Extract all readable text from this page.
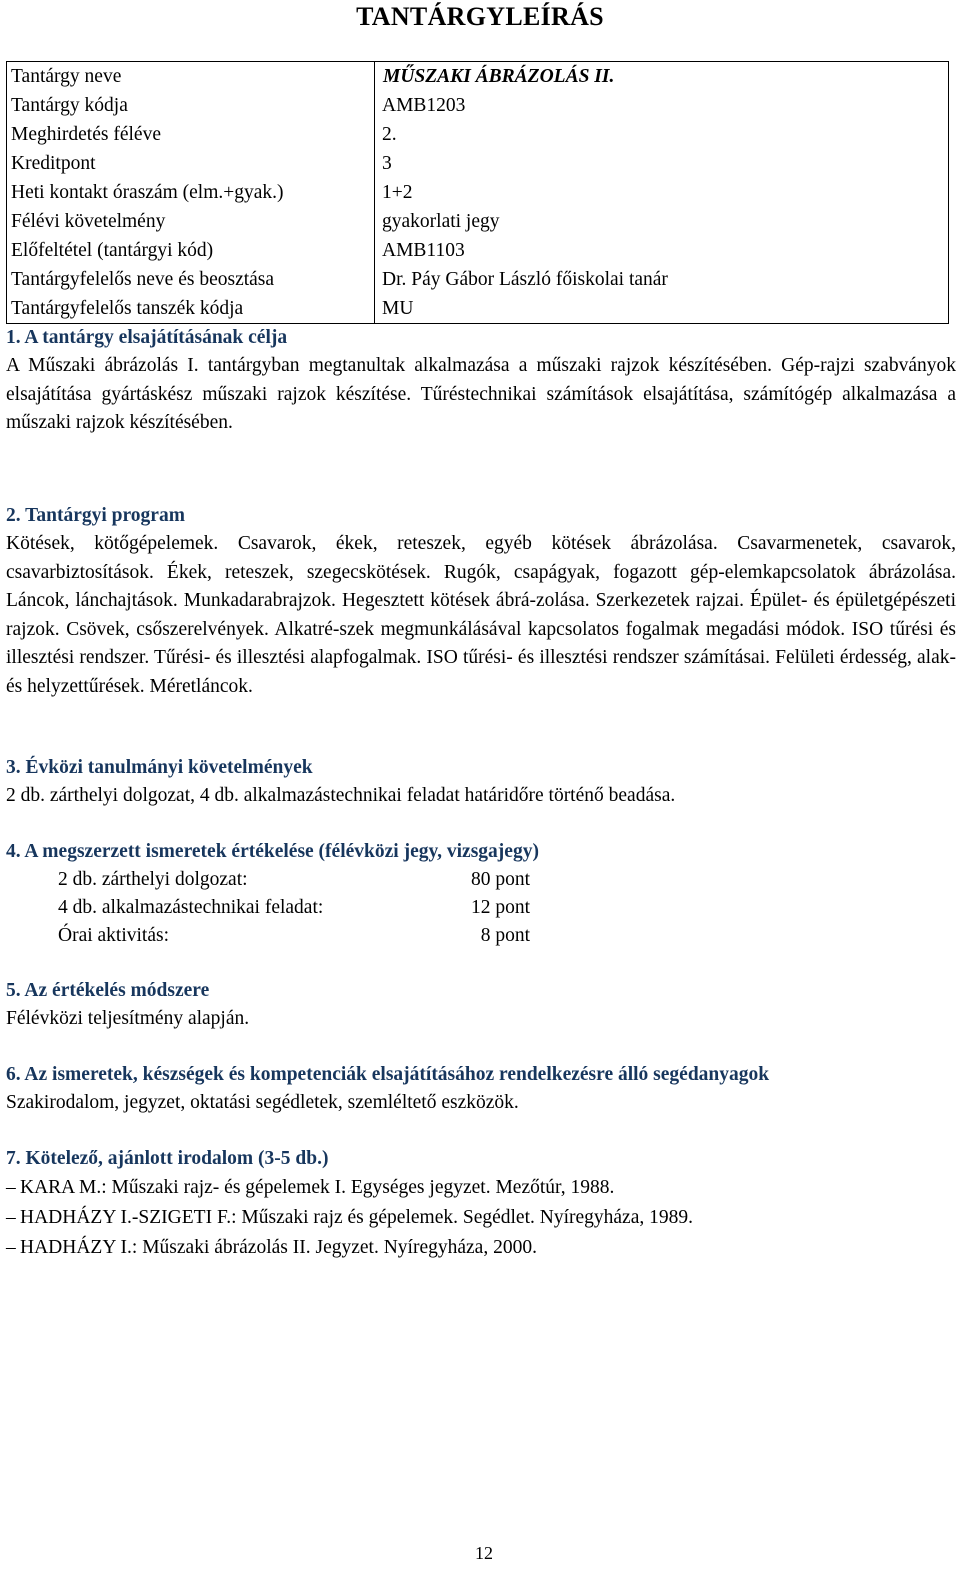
TANTÁRGYLEÍRÁS
Tantárgy neve	MŰSZAKI ÁBRÁZOLÁS II.
Tantárgy kódja	AMB1203
Meghirdetés féléve	2.
Kreditpont	3
Heti kontakt óraszám (elm.+gyak.)	1+2
Félévi követelmény	gyakorlati jegy
Előfeltétel (tantárgyi kód)	AMB1103
Tantárgyfelelős neve és beosztása	Dr. Páy Gábor László főiskolai tanár
Tantárgyfelelős tanszék kódja	MU
1. A tantárgy elsajátításának célja
A Műszaki ábrázolás I. tantárgyban megtanultak alkalmazása a műszaki rajzok készítésében. Gép-rajzi szabványok elsajátítása gyártáskész műszaki rajzok készítése. Tűréstechnikai számítások elsajátítása, számítógép alkalmazása a műszaki rajzok készítésében.
2. Tantárgyi program
Kötések, kötőgépelemek. Csavarok, ékek, reteszek, egyéb kötések ábrázolása. Csavarmenetek, csavarok, csavarbiztosítások. Ékek, reteszek, szegecskötések. Rugók, csapágyak, fogazott gép-elemkapcsolatok ábrázolása. Láncok, lánchajtások. Munkadarabrajzok. Hegesztett kötések ábrá-zolása. Szerkezetek rajzai. Épület- és épületgépészeti rajzok. Csövek, csőszerelvények. Alkatré-szek megmunkálásával kapcsolatos fogalmak megadási módok. ISO tűrési és illesztési rendszer. Tűrési- és illesztési alapfogalmak. ISO tűrési- és illesztési rendszer számításai. Felületi érdesség, alak- és helyzettűrések. Méretláncok.
3. Évközi tanulmányi követelmények
2 db. zárthelyi dolgozat, 4 db. alkalmazástechnikai feladat határidőre történő beadása.
4. A megszerzett ismeretek értékelése (félévközi jegy, vizsgajegy)
2 db. zárthelyi dolgozat:	80 pont
4 db. alkalmazástechnikai feladat:	12 pont
Órai aktivitás:	8 pont
5. Az értékelés módszere
Félévközi teljesítmény alapján.
6. Az ismeretek, készségek és kompetenciák elsajátításához rendelkezésre álló segédanyagok
Szakirodalom, jegyzet, oktatási segédletek, szemléltető eszközök.
7. Kötelező, ajánlott irodalom (3-5 db.)
– KARA M.: Műszaki rajz- és gépelemek I. Egységes jegyzet. Mezőtúr, 1988.
– HADHÁZY I.-SZIGETI F.: Műszaki rajz és gépelemek. Segédlet. Nyíregyháza, 1989.
– HADHÁZY I.: Műszaki ábrázolás II. Jegyzet. Nyíregyháza, 2000.
12
